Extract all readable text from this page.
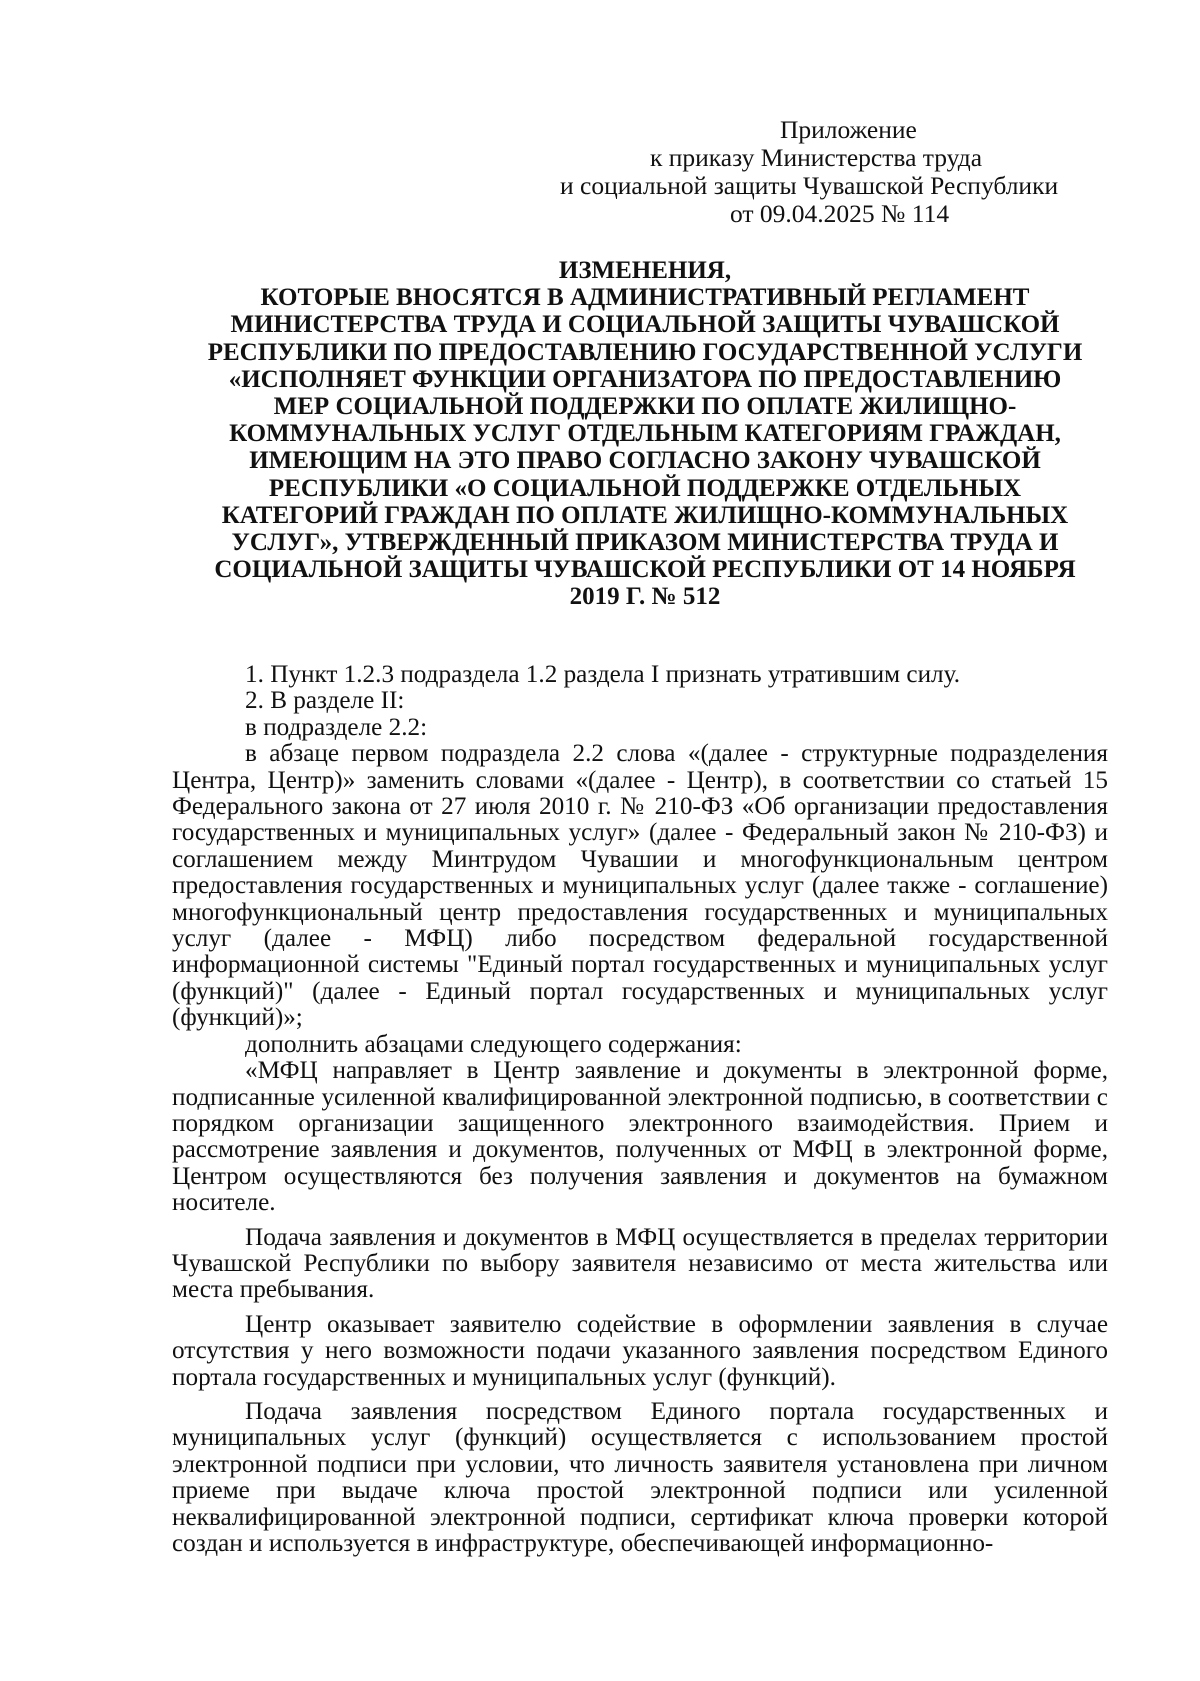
Приложение
к приказу Министерства труда
и социальной защиты Чувашской Республики
от 09.04.2025 № 114
ИЗМЕНЕНИЯ,
КОТОРЫЕ ВНОСЯТСЯ В АДМИНИСТРАТИВНЫЙ РЕГЛАМЕНТ
МИНИСТЕРСТВА ТРУДА И СОЦИАЛЬНОЙ ЗАЩИТЫ ЧУВАШСКОЙ
РЕСПУБЛИКИ ПО ПРЕДОСТАВЛЕНИЮ ГОСУДАРСТВЕННОЙ УСЛУГИ
«ИСПОЛНЯЕТ ФУНКЦИИ ОРГАНИЗАТОРА ПО ПРЕДОСТАВЛЕНИЮ
МЕР СОЦИАЛЬНОЙ ПОДДЕРЖКИ ПО ОПЛАТЕ ЖИЛИЩНО-
КОММУНАЛЬНЫХ УСЛУГ ОТДЕЛЬНЫМ КАТЕГОРИЯМ ГРАЖДАН,
ИМЕЮЩИМ НА ЭТО ПРАВО СОГЛАСНО ЗАКОНУ ЧУВАШСКОЙ
РЕСПУБЛИКИ «О СОЦИАЛЬНОЙ ПОДДЕРЖКЕ ОТДЕЛЬНЫХ
КАТЕГОРИЙ ГРАЖДАН ПО ОПЛАТЕ ЖИЛИЩНО-КОММУНАЛЬНЫХ
УСЛУГ», УТВЕРЖДЕННЫЙ ПРИКАЗОМ МИНИСТЕРСТВА ТРУДА И
СОЦИАЛЬНОЙ ЗАЩИТЫ ЧУВАШСКОЙ РЕСПУБЛИКИ ОТ 14 НОЯБРЯ
2019 Г. № 512

1. Пункт 1.2.3 подраздела 1.2 раздела I признать утратившим силу.

2. В разделе II:

в подразделе 2.2:

в абзаце первом подраздела 2.2 слова «(далее - структурные подразделения Центра, Центр)» заменить словами «(далее - Центр), в соответствии со статьей 15 Федерального закона от 27 июля 2010 г. № 210-ФЗ «Об организации предоставления государственных и муниципальных услуг» (далее - Федеральный закон № 210-ФЗ) и соглашением между Минтрудом Чувашии и многофункциональным центром предоставления государственных и муниципальных услуг (далее также - соглашение) многофункциональный центр предоставления государственных и муниципальных услуг (далее - МФЦ) либо посредством федеральной государственной информационной системы "Единый портал государственных и муниципальных услуг (функций)" (далее - Единый портал государственных и муниципальных услуг (функций)»;

дополнить абзацами следующего содержания:

«МФЦ направляет в Центр заявление и документы в электронной форме, подписанные усиленной квалифицированной электронной подписью, в соответствии с порядком организации защищенного электронного взаимодействия. Прием и рассмотрение заявления и документов, полученных от МФЦ в электронной форме, Центром осуществляются без получения заявления и документов на бумажном носителе.

Подача заявления и документов в МФЦ осуществляется в пределах территории Чувашской Республики по выбору заявителя независимо от места жительства или места пребывания.

Центр оказывает заявителю содействие в оформлении заявления в случае отсутствия у него возможности подачи указанного заявления посредством Единого портала государственных и муниципальных услуг (функций).

Подача заявления посредством Единого портала государственных и муниципальных услуг (функций) осуществляется с использованием простой электронной подписи при условии, что личность заявителя установлена при личном приеме при выдаче ключа простой электронной подписи или усиленной неквалифицированной электронной подписи, сертификат ключа проверки которой создан и используется в инфраструктуре, обеспечивающей информационно-
